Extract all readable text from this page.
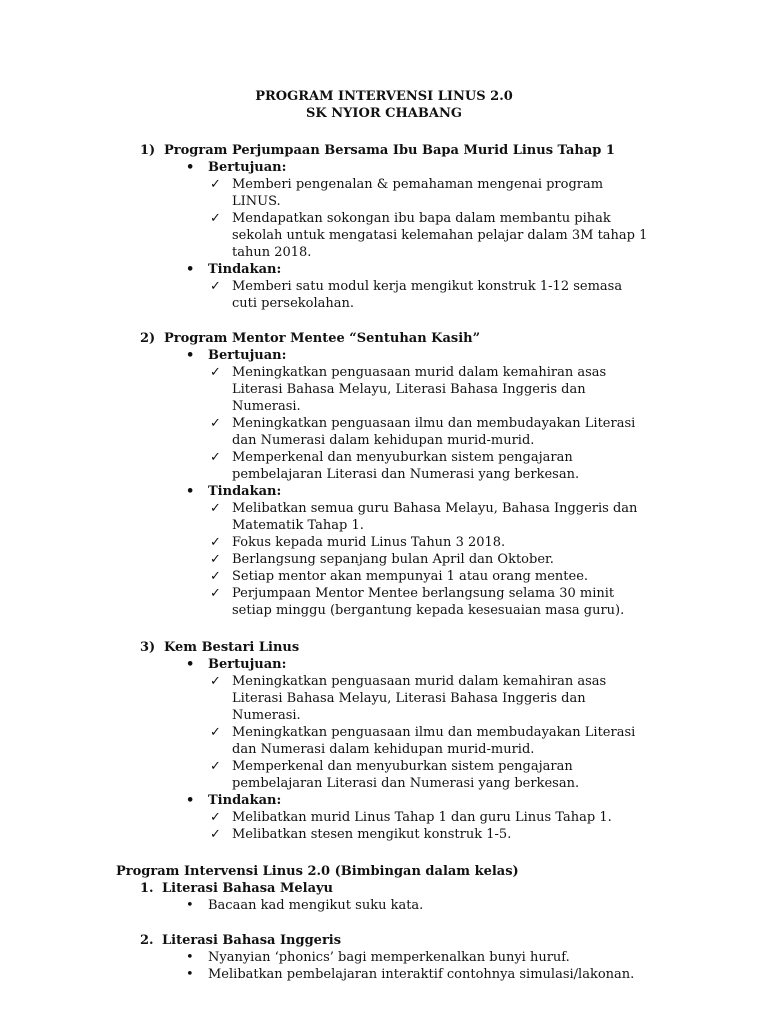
PROGRAM INTERVENSI LINUS 2.0
SK NYIOR CHABANG
1) Program Perjumpaan Bersama Ibu Bapa Murid Linus Tahap 1
•	Bertujuan:
✓ Memberi pengenalan & pemahaman mengenai program LINUS.
✓ Mendapatkan sokongan ibu bapa dalam membantu pihak sekolah untuk mengatasi kelemahan pelajar dalam 3M tahap 1 tahun 2018.
•	Tindakan:
✓ Memberi satu modul kerja mengikut konstruk 1-12 semasa cuti persekolahan.
2) Program Mentor Mentee “Sentuhan Kasih”
•	Bertujuan:
✓ Meningkatkan penguasaan murid dalam kemahiran asas Literasi Bahasa Melayu, Literasi Bahasa Inggeris dan Numerasi.
✓ Meningkatkan penguasaan ilmu dan membudayakan Literasi dan Numerasi dalam kehidupan murid-murid.
✓ Memperkenal dan menyuburkan sistem pengajaran pembelajaran Literasi dan Numerasi yang berkesan.
•	Tindakan:
✓ Melibatkan semua guru Bahasa Melayu, Bahasa Inggeris dan Matematik Tahap 1.
✓ Fokus kepada murid Linus Tahun 3 2018.
✓ Berlangsung sepanjang bulan April dan Oktober.
✓ Setiap mentor akan mempunyai 1 atau orang mentee.
✓ Perjumpaan Mentor Mentee berlangsung selama 30 minit setiap minggu (bergantung kepada kesesuaian masa guru).
3) Kem Bestari Linus
•	Bertujuan:
✓ Meningkatkan penguasaan murid dalam kemahiran asas Literasi Bahasa Melayu, Literasi Bahasa Inggeris dan Numerasi.
✓ Meningkatkan penguasaan ilmu dan membudayakan Literasi dan Numerasi dalam kehidupan murid-murid.
✓ Memperkenal dan menyuburkan sistem pengajaran pembelajaran Literasi dan Numerasi yang berkesan.
•	Tindakan:
✓ Melibatkan murid Linus Tahap 1 dan guru Linus Tahap 1.
✓ Melibatkan stesen mengikut konstruk 1-5.
Program Intervensi Linus 2.0 (Bimbingan dalam kelas)
1. Literasi Bahasa Melayu
•	Bacaan kad mengikut suku kata.
2. Literasi Bahasa Inggeris
•	Nyanyian ‘phonics’ bagi memperkenalkan bunyi huruf.
•	Melibatkan pembelajaran interaktif contohnya simulasi/lakonan.
